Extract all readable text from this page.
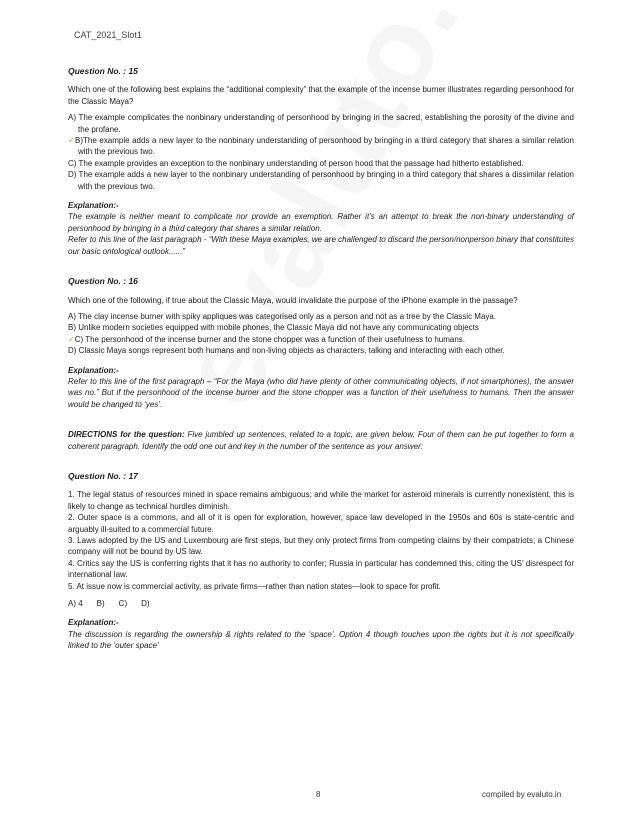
CAT_2021_Slot1

Question No. : 15

Which one of the following best explains the “additional complexity” that the example of the incense burner illustrates regarding personhood for the Classic Maya?

A) The example complicates the nonbinary understanding of personhood by bringing in the sacred, establishing the porosity of the divine and the profane.

✓B)The example adds a new layer to the nonbinary understanding of personhood by bringing in a third category that shares a similar relation with the previous two.

C) The example provides an exception to the nonbinary understanding of person hood that the passage had hitherto established.

D) The example adds a new layer to the nonbinary understanding of personhood by bringing in a third category that shares a dissimilar relation with the previous two.

Explanation:-

The example is neither meant to complicate nor provide an exemption. Rather it’s an attempt to break the non-binary understanding of personhood by bringing in a third category that shares a similar relation.

Refer to this line of the last paragraph - “With these Maya examples, we are challenged to discard the person/nonperson binary that constitutes our basic ontological outlook......”

Question No. : 16

Which one of the following, if true about the Classic Maya, would invalidate the purpose of the iPhone example in the passage?

A) The clay incense burner with spiky appliques was categorised only as a person and not as a tree by the Classic Maya.

B) Unlike modern societies equipped with mobile phones, the Classic Maya did not have any communicating objects

✓C) The personhood of the incense burner and the stone chopper was a function of their usefulness to humans.

D) Classic Maya songs represent both humans and non-living objects as characters, talking and interacting with each other.

Explanation:-

Refer to this line of the first paragraph – “For the Maya (who did have plenty of other communicating objects, if not smartphones), the answer was no.” But if the personhood of the incense burner and the stone chopper was a function of their usefulness to humans. Then the answer would be changed to ‘yes’.

DIRECTIONS for the question: Five jumbled up sentences, related to a topic, are given below. Four of them can be put together to form a coherent paragraph. Identify the odd one out and key in the number of the sentence as your answer:

Question No. : 17

1. The legal status of resources mined in space remains ambiguous; and while the market for asteroid minerals is currently nonexistent, this is likely to change as technical hurdles diminish.

2. Outer space is a commons, and all of it is open for exploration, however, space law developed in the 1950s and 60s is state-centric and arguably ill-suited to a commercial future.

3. Laws adopted by the US and Luxembourg are first steps, but they only protect firms from competing claims by their compatriots; a Chinese company will not be bound by US law.

4. Critics say the US is conferring rights that it has no authority to confer; Russia in particular has condemned this, citing the US’ disrespect for international law.

5. At issue now is commercial activity, as private firms—rather than nation states—look to space for profit.

A) 4 B) C) D)

Explanation:-

The discussion is regarding the ownership & rights related to the ‘space’. Option 4 though touches upon the rights but it is not specifically linked to the ‘outer space’

8	compiled by evaluto.in
